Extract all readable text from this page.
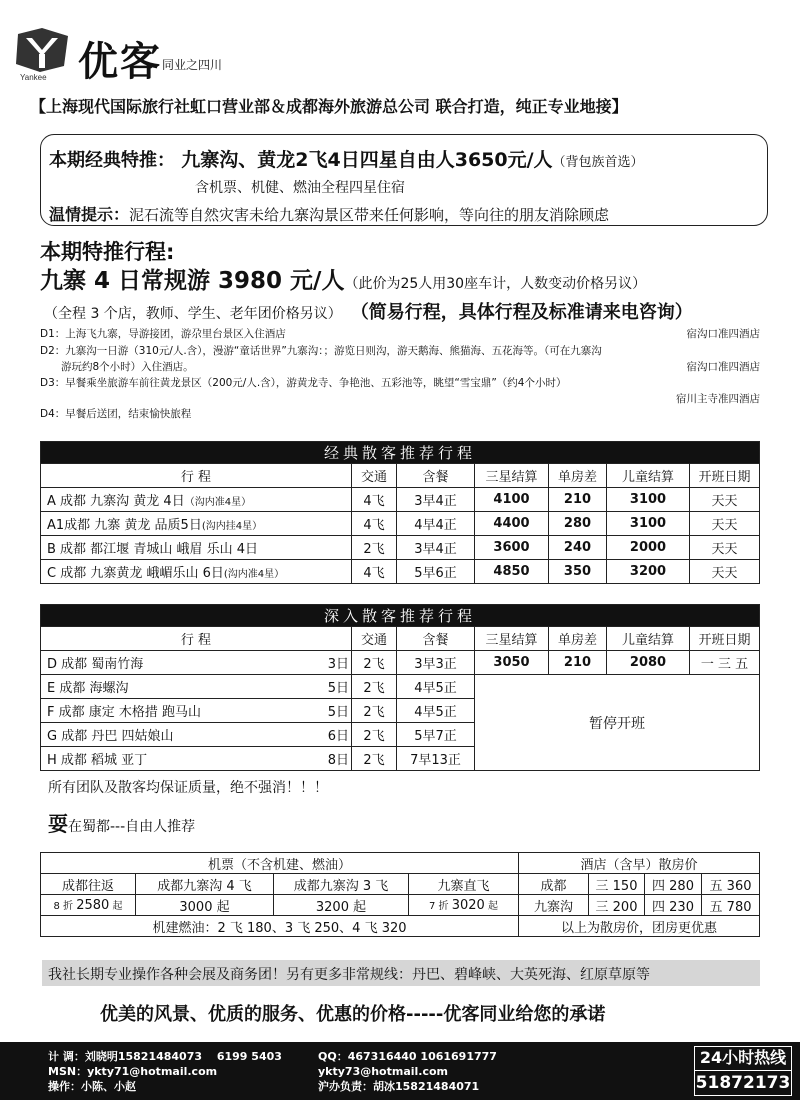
Yankee 优客 同业之四川
【上海现代国际旅行社虹口营业部＆成都海外旅游总公司 联合打造，纯正专业地接】
本期经典特推： 九寨沟、黄龙2飞4日四星自由人3650元/人（背包族首选）
含机票、机健、燃油全程四星住宿
温情提示：泥石流等自然灾害未给九寨沟景区带来任何影响，等向往的朋友消除顾虑
本期特推行程:
九寨 4 日常规游 3980 元/人（此价为25人用30座车计，人数变动价格另议）
（全程 3 个店，教师、学生、老年团价格另议） （简易行程，具体行程及标准请来电咨询）
D1：上海飞九寨，导游接团，游尕里台景区入住酒店	宿沟口准四酒店
D2：九寨沟一日游（310元/人.含），漫游“童话世界”九寨沟：；游览日则沟，游天鹅海、熊猫海、五花海等。（可在九寨沟
　　游玩约8个小时）入住酒店。	宿沟口准四酒店
D3：早餐乘坐旅游车前往黄龙景区（200元/人.含），游黄龙寺、争艳池、五彩池等，眺望“雪宝鼎”（约4个小时）
宿川主寺准四酒店
D4：早餐后送团，结束愉快旅程
经典散客推荐行程						
行 程	交通	含餐	三星结算	单房差	儿童结算	开班日期
A 成都 九寨沟 黄龙 4日（沟内准4星）	4飞	3早4正	4100	210	3100	天天
A1成都 九寨 黄龙 品质5日(沟内挂4星）	4飞	4早4正	4400	280	3100	天天
B 成都 都江堰 青城山 峨眉 乐山 4日	2飞	3早4正	3600	240	2000	天天
C 成都 九寨黄龙 峨嵋乐山 6日(沟内准4星）	4飞	5早6正	4850	350	3200	天天
深入散客推荐行程							
行 程		交通	含餐	三星结算	单房差	儿童结算	开班日期
D 成都 蜀南竹海	3日	2飞	3早3正	3050	210	2080	一 三 五
E 成都 海螺沟	5日	2飞	4早5正	暂停开班			
F 成都 康定 木格措 跑马山	5日	2飞	4早5正				
G 成都 丹巴 四姑娘山	6日	2飞	5早7正				
H 成都 稻城 亚丁	8日	2飞	7早13正				
所有团队及散客均保证质量，绝不强消！！！
耍在蜀都---自由人推荐
机票（不含机建、燃油）				酒店（含早）散房价			
成都往返	成都九寨沟 4 飞	成都九寨沟 3 飞	九寨直飞	成都	三 150	四 280	五 360
8 折 2580 起	3000 起	3200 起	7 折 3020 起	九寨沟	三 200	四 230	五 780
机建燃油：2 飞 180、3 飞 250、4 飞 320				以上为散房价，团房更优惠			
我社长期专业操作各种会展及商务团！另有更多非常规线：丹巴、碧峰峡、大英死海、红原草原等
优美的风景、优质的服务、优惠的价格-----优客同业给您的承诺
计 调：刘晓明15821484073　 6199 5403
MSN：ykty71@hotmail.com
操作：小陈、小赵
QQ：467316440 1061691777
ykty73@hotmail.com
沪办负责：胡冰15821484071
24小时热线
51872173
